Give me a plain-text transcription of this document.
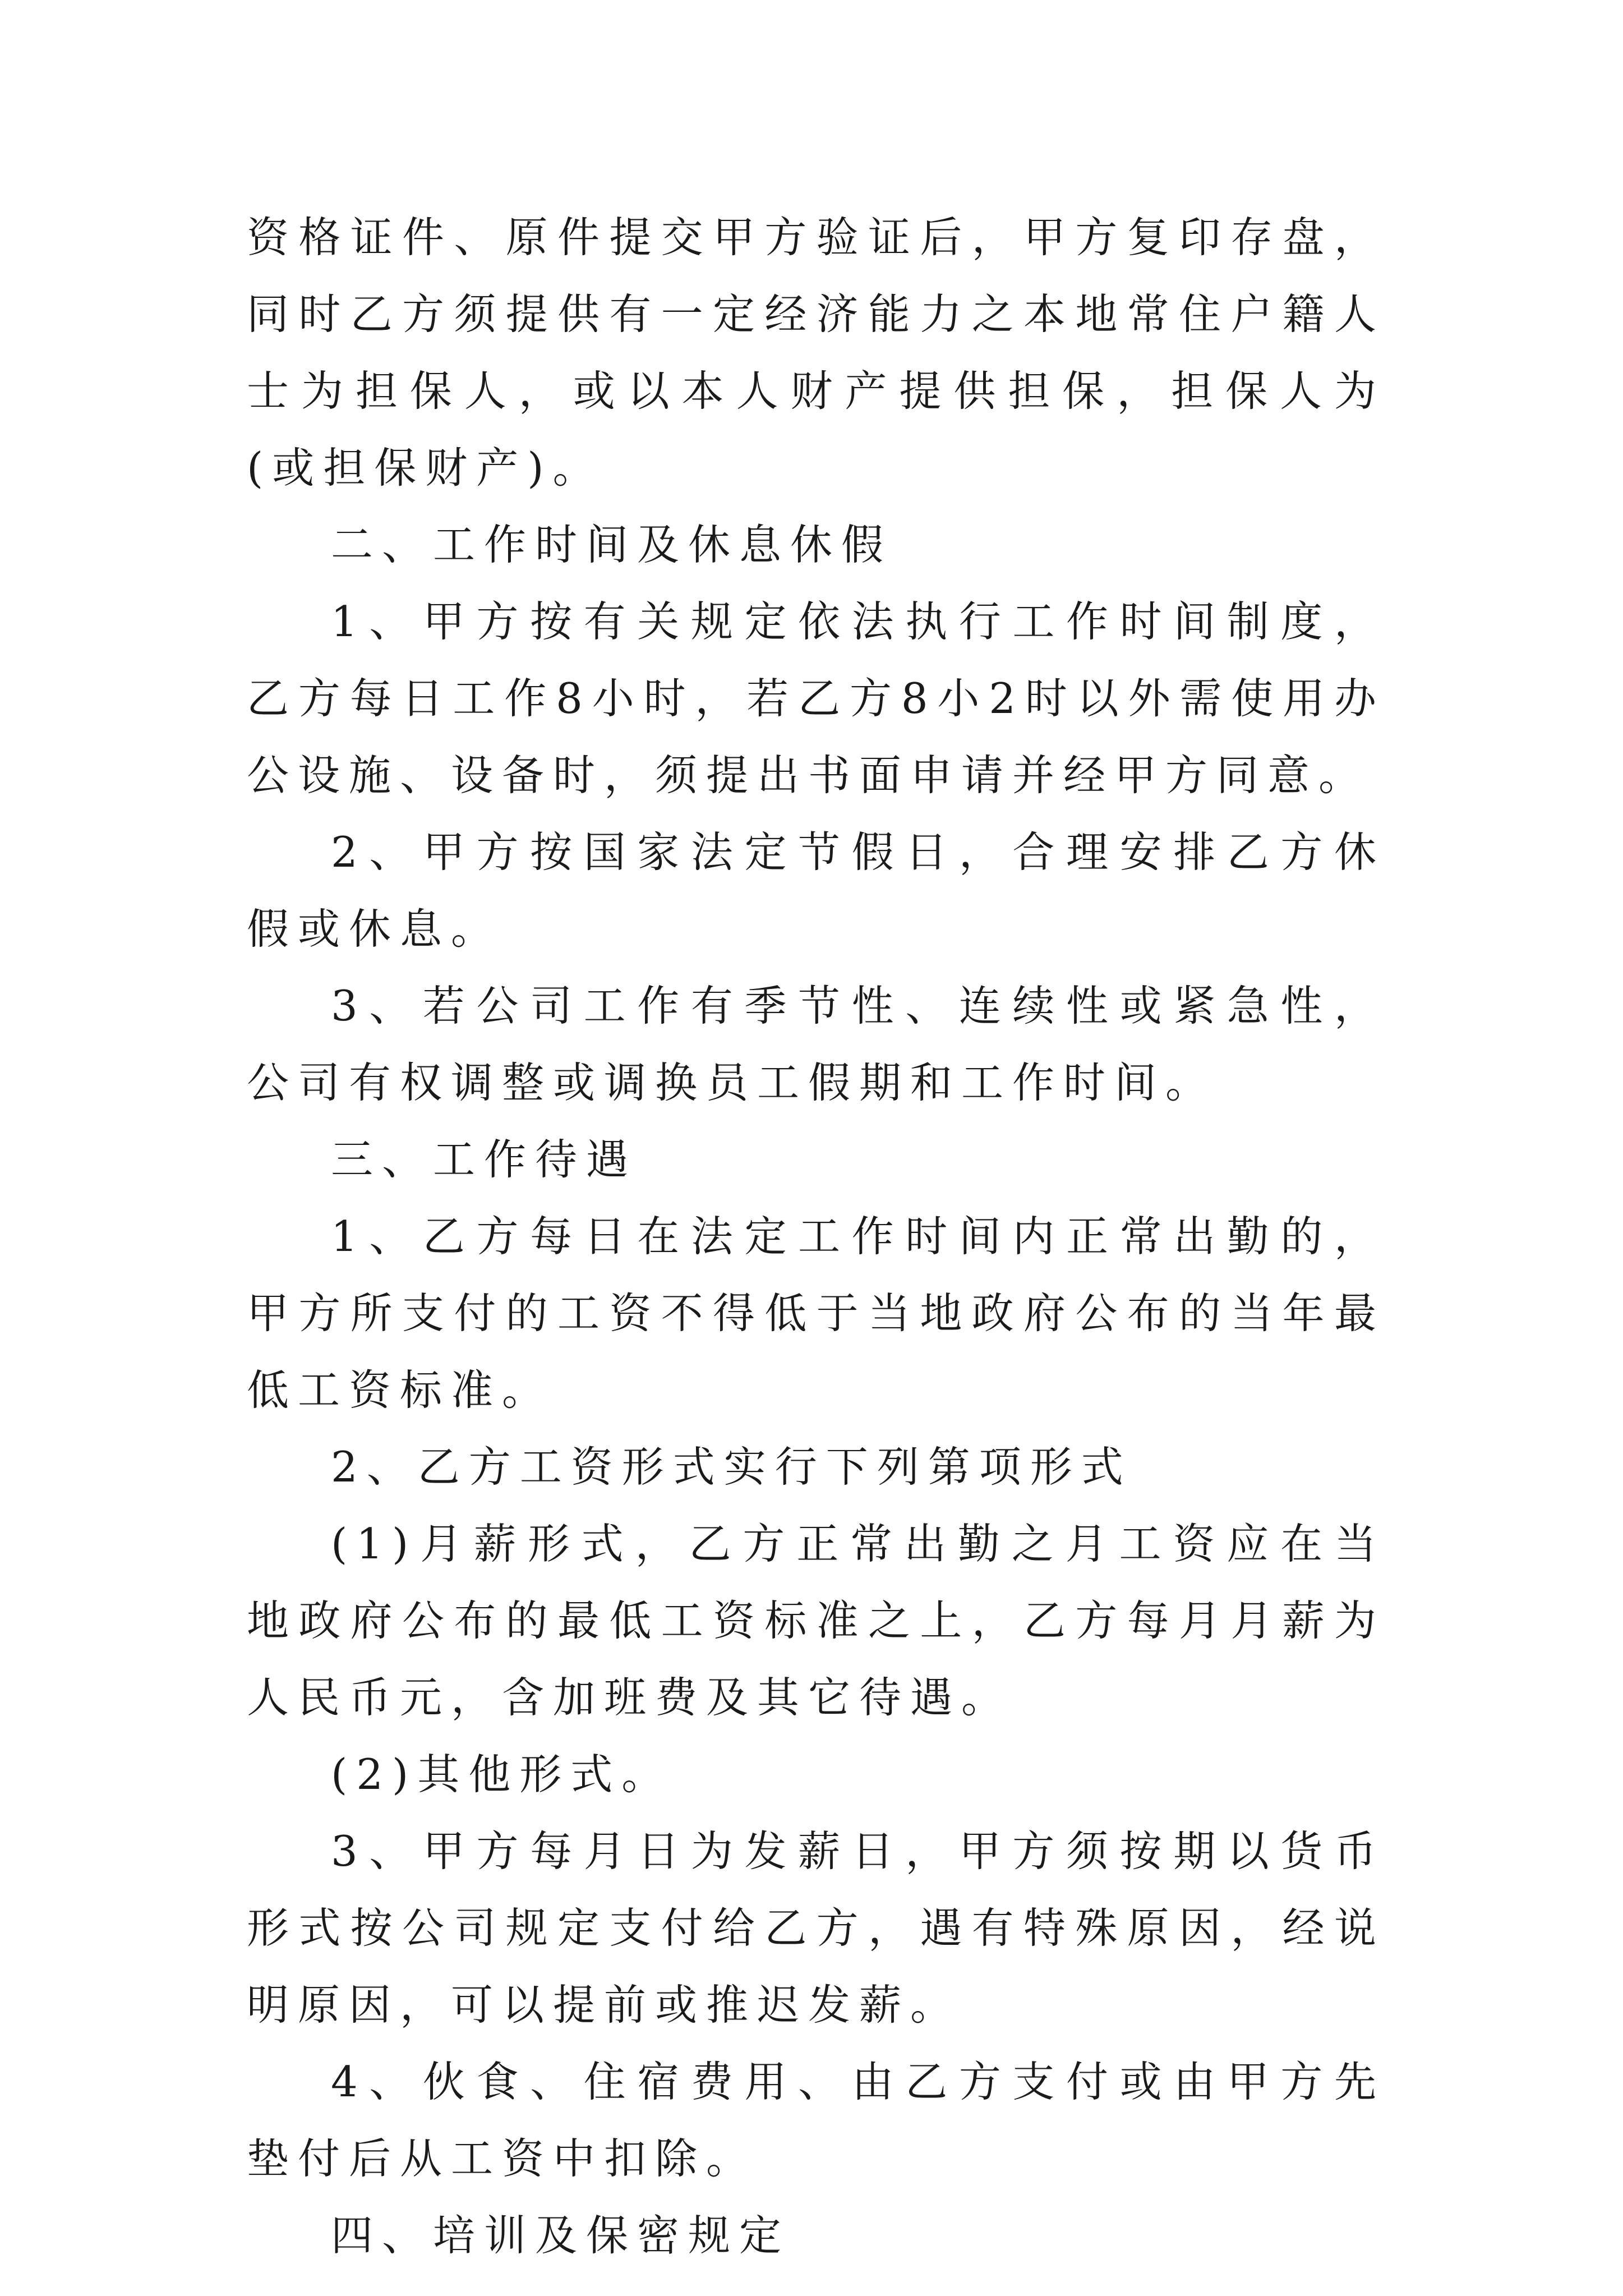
资格证件、原件提交甲方验证后，甲方复印存盘，同时乙方须提供有一定经济能力之本地常住户籍人士为担保人，或以本人财产提供担保，担保人为(或担保财产)。

二、工作时间及休息休假

1、甲方按有关规定依法执行工作时间制度，乙方每日工作8小时，若乙方8小2时以外需使用办公设施、设备时，须提出书面申请并经甲方同意。

2、甲方按国家法定节假日，合理安排乙方休假或休息。

3、若公司工作有季节性、连续性或紧急性，公司有权调整或调换员工假期和工作时间。

三、工作待遇

1、乙方每日在法定工作时间内正常出勤的，甲方所支付的工资不得低于当地政府公布的当年最低工资标准。

2、乙方工资形式实行下列第项形式

(1)月薪形式，乙方正常出勤之月工资应在当地政府公布的最低工资标准之上，乙方每月月薪为人民币元，含加班费及其它待遇。

(2)其他形式。

3、甲方每月日为发薪日，甲方须按期以货币形式按公司规定支付给乙方，遇有特殊原因，经说明原因，可以提前或推迟发薪。

4、伙食、住宿费用、由乙方支付或由甲方先垫付后从工资中扣除。

四、培训及保密规定
